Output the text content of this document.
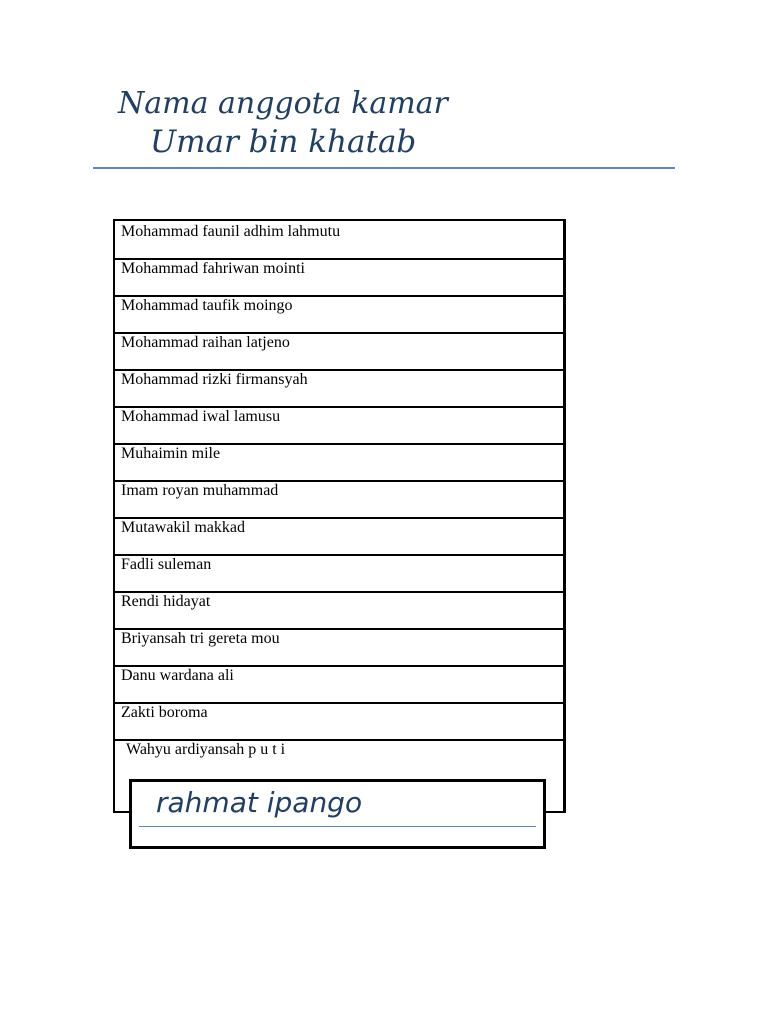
Nama anggota kamar
Umar bin khatab
Mohammad faunil adhim lahmutu
Mohammad fahriwan mointi
Mohammad taufik moingo
Mohammad raihan latjeno
Mohammad rizki firmansyah
Mohammad iwal lamusu
Muhaimin mile
Imam royan muhammad
Mutawakil makkad
Fadli suleman
Rendi hidayat
Briyansah tri gereta mou
Danu wardana ali
Zakti boroma
Wahyu ardiyansah p u t i
rahmat ipango
